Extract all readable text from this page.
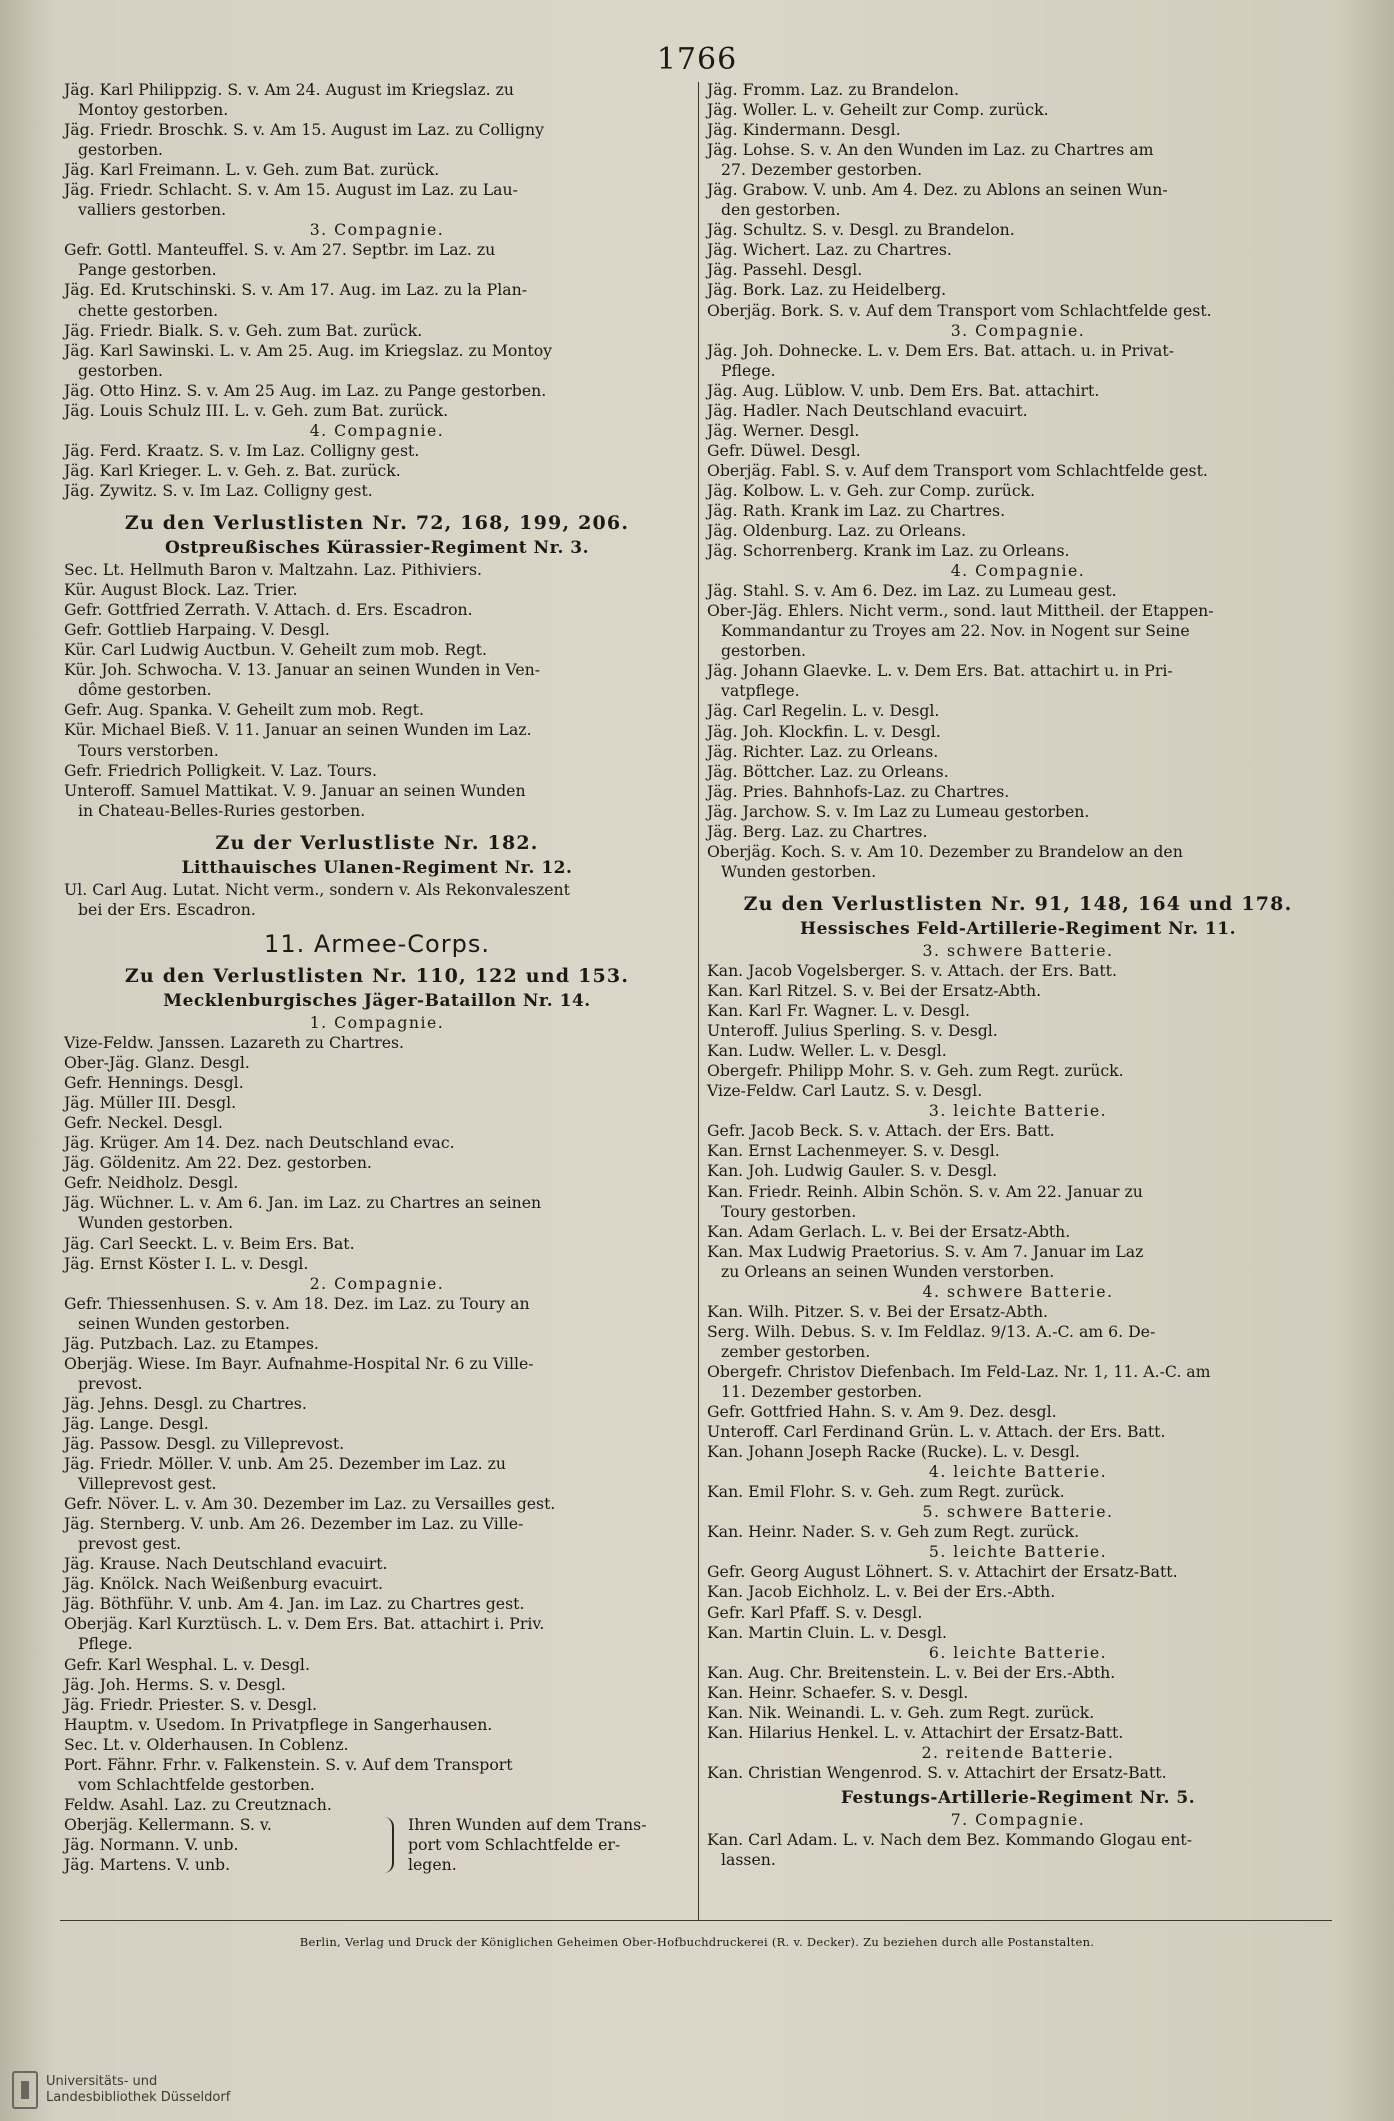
1766
Jäg. Karl Philippzig. S. v. Am 24. August im Kriegslaz. zu
Montoy gestorben.
Jäg. Friedr. Broschk. S. v. Am 15. August im Laz. zu Colligny
gestorben.
Jäg. Karl Freimann. L. v. Geh. zum Bat. zurück.
Jäg. Friedr. Schlacht. S. v. Am 15. August im Laz. zu Lau-
valliers gestorben.
3. Compagnie.
Gefr. Gottl. Manteuffel. S. v. Am 27. Septbr. im Laz. zu
Pange gestorben.
Jäg. Ed. Krutschinski. S. v. Am 17. Aug. im Laz. zu la Plan-
chette gestorben.
Jäg. Friedr. Bialk. S. v. Geh. zum Bat. zurück.
Jäg. Karl Sawinski. L. v. Am 25. Aug. im Kriegslaz. zu Montoy
gestorben.
Jäg. Otto Hinz. S. v. Am 25 Aug. im Laz. zu Pange gestorben.
Jäg. Louis Schulz III. L. v. Geh. zum Bat. zurück.
4. Compagnie.
Jäg. Ferd. Kraatz. S. v. Im Laz. Colligny gest.
Jäg. Karl Krieger. L. v. Geh. z. Bat. zurück.
Jäg. Zywitz. S. v. Im Laz. Colligny gest.
Zu den Verlustlisten Nr. 72, 168, 199, 206.
Ostpreußisches Kürassier-Regiment Nr. 3.
Sec. Lt. Hellmuth Baron v. Maltzahn. Laz. Pithiviers.
Kür. August Block. Laz. Trier.
Gefr. Gottfried Zerrath. V. Attach. d. Ers. Escadron.
Gefr. Gottlieb Harpaing. V. Desgl.
Kür. Carl Ludwig Auctbun. V. Geheilt zum mob. Regt.
Kür. Joh. Schwocha. V. 13. Januar an seinen Wunden in Ven-
dôme gestorben.
Gefr. Aug. Spanka. V. Geheilt zum mob. Regt.
Kür. Michael Bieß. V. 11. Januar an seinen Wunden im Laz.
Tours verstorben.
Gefr. Friedrich Polligkeit. V. Laz. Tours.
Unteroff. Samuel Mattikat. V. 9. Januar an seinen Wunden
in Chateau-Belles-Ruries gestorben.
Zu der Verlustliste Nr. 182.
Litthauisches Ulanen-Regiment Nr. 12.
Ul. Carl Aug. Lutat. Nicht verm., sondern v. Als Rekonvaleszent
bei der Ers. Escadron.
11. Armee-Corps.
Zu den Verlustlisten Nr. 110, 122 und 153.
Mecklenburgisches Jäger-Bataillon Nr. 14.
1. Compagnie.
Vize-Feldw. Janssen. Lazareth zu Chartres.
Ober-Jäg. Glanz. Desgl.
Gefr. Hennings. Desgl.
Jäg. Müller III. Desgl.
Gefr. Neckel. Desgl.
Jäg. Krüger. Am 14. Dez. nach Deutschland evac.
Jäg. Göldenitz. Am 22. Dez. gestorben.
Gefr. Neidholz. Desgl.
Jäg. Wüchner. L. v. Am 6. Jan. im Laz. zu Chartres an seinen
Wunden gestorben.
Jäg. Carl Seeckt. L. v. Beim Ers. Bat.
Jäg. Ernst Köster I. L. v. Desgl.
2. Compagnie.
Gefr. Thiessenhusen. S. v. Am 18. Dez. im Laz. zu Toury an
seinen Wunden gestorben.
Jäg. Putzbach. Laz. zu Etampes.
Oberjäg. Wiese. Im Bayr. Aufnahme-Hospital Nr. 6 zu Ville-
prevost.
Jäg. Jehns. Desgl. zu Chartres.
Jäg. Lange. Desgl.
Jäg. Passow. Desgl. zu Villeprevost.
Jäg. Friedr. Möller. V. unb. Am 25. Dezember im Laz. zu
Villeprevost gest.
Gefr. Növer. L. v. Am 30. Dezember im Laz. zu Versailles gest.
Jäg. Sternberg. V. unb. Am 26. Dezember im Laz. zu Ville-
prevost gest.
Jäg. Krause. Nach Deutschland evacuirt.
Jäg. Knölck. Nach Weißenburg evacuirt.
Jäg. Böthführ. V. unb. Am 4. Jan. im Laz. zu Chartres gest.
Oberjäg. Karl Kurztüsch. L. v. Dem Ers. Bat. attachirt i. Priv.
Pflege.
Gefr. Karl Wesphal. L. v. Desgl.
Jäg. Joh. Herms. S. v. Desgl.
Jäg. Friedr. Priester. S. v. Desgl.
Hauptm. v. Usedom. In Privatpflege in Sangerhausen.
Sec. Lt. v. Olderhausen. In Coblenz.
Port. Fähnr. Frhr. v. Falkenstein. S. v. Auf dem Transport
vom Schlachtfelde gestorben.
Feldw. Asahl. Laz. zu Creutznach.
Oberjäg. Kellermann. S. v.
Jäg. Normann. V. unb.
Jäg. Martens. V. unb.
Ihren Wunden auf dem Trans-
port vom Schlachtfelde er-
legen.
Jäg. Fromm. Laz. zu Brandelon.
Jäg. Woller. L. v. Geheilt zur Comp. zurück.
Jäg. Kindermann. Desgl.
Jäg. Lohse. S. v. An den Wunden im Laz. zu Chartres am
27. Dezember gestorben.
Jäg. Grabow. V. unb. Am 4. Dez. zu Ablons an seinen Wun-
den gestorben.
Jäg. Schultz. S. v. Desgl. zu Brandelon.
Jäg. Wichert. Laz. zu Chartres.
Jäg. Passehl. Desgl.
Jäg. Bork. Laz. zu Heidelberg.
Oberjäg. Bork. S. v. Auf dem Transport vom Schlachtfelde gest.
3. Compagnie.
Jäg. Joh. Dohnecke. L. v. Dem Ers. Bat. attach. u. in Privat-
Pflege.
Jäg. Aug. Lüblow. V. unb. Dem Ers. Bat. attachirt.
Jäg. Hadler. Nach Deutschland evacuirt.
Jäg. Werner. Desgl.
Gefr. Düwel. Desgl.
Oberjäg. Fabl. S. v. Auf dem Transport vom Schlachtfelde gest.
Jäg. Kolbow. L. v. Geh. zur Comp. zurück.
Jäg. Rath. Krank im Laz. zu Chartres.
Jäg. Oldenburg. Laz. zu Orleans.
Jäg. Schorrenberg. Krank im Laz. zu Orleans.
4. Compagnie.
Jäg. Stahl. S. v. Am 6. Dez. im Laz. zu Lumeau gest.
Ober-Jäg. Ehlers. Nicht verm., sond. laut Mittheil. der Etappen-
Kommandantur zu Troyes am 22. Nov. in Nogent sur Seine
gestorben.
Jäg. Johann Glaevke. L. v. Dem Ers. Bat. attachirt u. in Pri-
vatpflege.
Jäg. Carl Regelin. L. v. Desgl.
Jäg. Joh. Klockfin. L. v. Desgl.
Jäg. Richter. Laz. zu Orleans.
Jäg. Böttcher. Laz. zu Orleans.
Jäg. Pries. Bahnhofs-Laz. zu Chartres.
Jäg. Jarchow. S. v. Im Laz zu Lumeau gestorben.
Jäg. Berg. Laz. zu Chartres.
Oberjäg. Koch. S. v. Am 10. Dezember zu Brandelow an den
Wunden gestorben.
Zu den Verlustlisten Nr. 91, 148, 164 und 178.
Hessisches Feld-Artillerie-Regiment Nr. 11.
3. schwere Batterie.
Kan. Jacob Vogelsberger. S. v. Attach. der Ers. Batt.
Kan. Karl Ritzel. S. v. Bei der Ersatz-Abth.
Kan. Karl Fr. Wagner. L. v. Desgl.
Unteroff. Julius Sperling. S. v. Desgl.
Kan. Ludw. Weller. L. v. Desgl.
Obergefr. Philipp Mohr. S. v. Geh. zum Regt. zurück.
Vize-Feldw. Carl Lautz. S. v. Desgl.
3. leichte Batterie.
Gefr. Jacob Beck. S. v. Attach. der Ers. Batt.
Kan. Ernst Lachenmeyer. S. v. Desgl.
Kan. Joh. Ludwig Gauler. S. v. Desgl.
Kan. Friedr. Reinh. Albin Schön. S. v. Am 22. Januar zu
Toury gestorben.
Kan. Adam Gerlach. L. v. Bei der Ersatz-Abth.
Kan. Max Ludwig Praetorius. S. v. Am 7. Januar im Laz
zu Orleans an seinen Wunden verstorben.
4. schwere Batterie.
Kan. Wilh. Pitzer. S. v. Bei der Ersatz-Abth.
Serg. Wilh. Debus. S. v. Im Feldlaz. 9/13. A.-C. am 6. De-
zember gestorben.
Obergefr. Christov Diefenbach. Im Feld-Laz. Nr. 1, 11. A.-C. am
11. Dezember gestorben.
Gefr. Gottfried Hahn. S. v. Am 9. Dez. desgl.
Unteroff. Carl Ferdinand Grün. L. v. Attach. der Ers. Batt.
Kan. Johann Joseph Racke (Rucke). L. v. Desgl.
4. leichte Batterie.
Kan. Emil Flohr. S. v. Geh. zum Regt. zurück.
5. schwere Batterie.
Kan. Heinr. Nader. S. v. Geh zum Regt. zurück.
5. leichte Batterie.
Gefr. Georg August Löhnert. S. v. Attachirt der Ersatz-Batt.
Kan. Jacob Eichholz. L. v. Bei der Ers.-Abth.
Gefr. Karl Pfaff. S. v. Desgl.
Kan. Martin Cluin. L. v. Desgl.
6. leichte Batterie.
Kan. Aug. Chr. Breitenstein. L. v. Bei der Ers.-Abth.
Kan. Heinr. Schaefer. S. v. Desgl.
Kan. Nik. Weinandi. L. v. Geh. zum Regt. zurück.
Kan. Hilarius Henkel. L. v. Attachirt der Ersatz-Batt.
2. reitende Batterie.
Kan. Christian Wengenrod. S. v. Attachirt der Ersatz-Batt.
Festungs-Artillerie-Regiment Nr. 5.
7. Compagnie.
Kan. Carl Adam. L. v. Nach dem Bez. Kommando Glogau ent-
lassen.
Berlin, Verlag und Druck der Königlichen Geheimen Ober-Hofbuchdruckerei (R. v. Decker). Zu beziehen durch alle Postanstalten.
Universitäts- und
Landesbibliothek Düsseldorf
